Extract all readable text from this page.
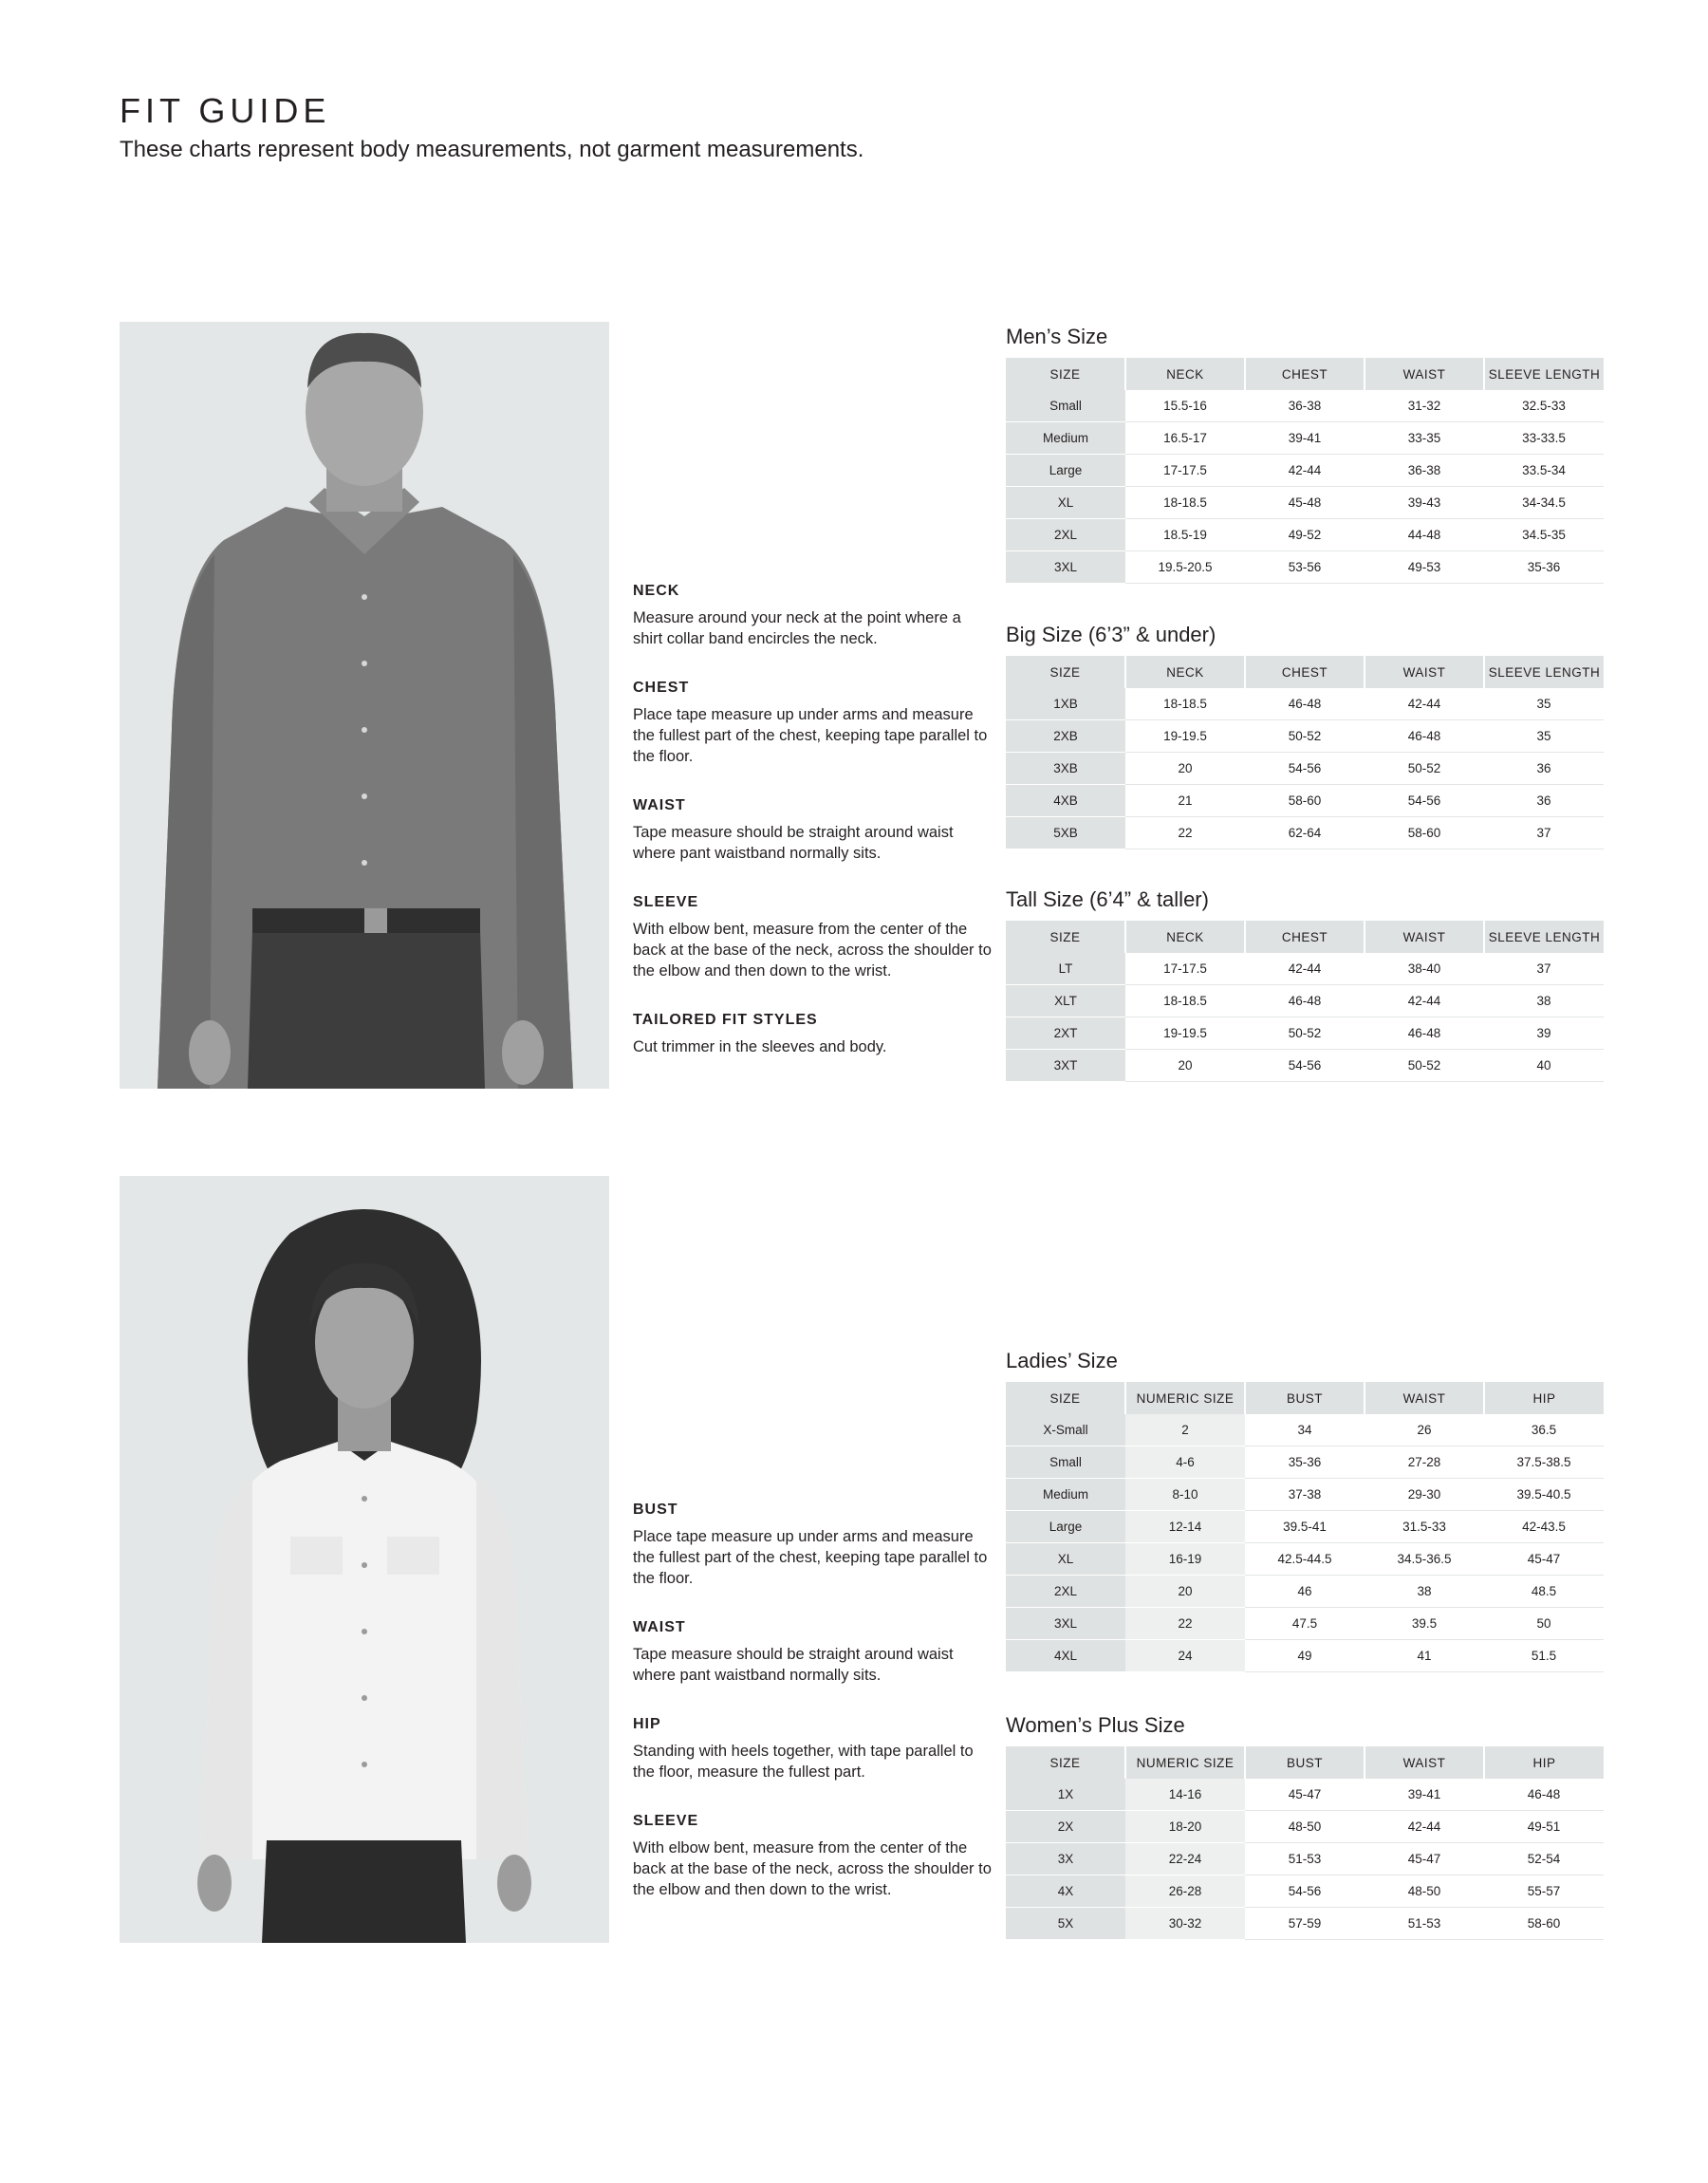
FIT GUIDE

These charts represent body measurements, not garment measurements.

NECK
Measure around your neck at the point where a shirt collar band encircles the neck.
CHEST
Place tape measure up under arms and measure the fullest part of the chest, keeping tape parallel to the floor.
WAIST
Tape measure should be straight around waist where pant waistband normally sits.
SLEEVE
With elbow bent, measure from the center of the back at the base of the neck, across the shoulder to the elbow and then down to the wrist.
TAILORED FIT STYLES
Cut trimmer in the sleeves and body.
Men’s Size
SIZE	NECK	CHEST	WAIST	SLEEVE LENGTH
Small	15.5-16	36-38	31-32	32.5-33
Medium	16.5-17	39-41	33-35	33-33.5
Large	17-17.5	42-44	36-38	33.5-34
XL	18-18.5	45-48	39-43	34-34.5
2XL	18.5-19	49-52	44-48	34.5-35
3XL	19.5-20.5	53-56	49-53	35-36
Big Size (6’3” & under)
SIZE	NECK	CHEST	WAIST	SLEEVE LENGTH
1XB	18-18.5	46-48	42-44	35
2XB	19-19.5	50-52	46-48	35
3XB	20	54-56	50-52	36
4XB	21	58-60	54-56	36
5XB	22	62-64	58-60	37
Tall Size (6’4” & taller)
SIZE	NECK	CHEST	WAIST	SLEEVE LENGTH
LT	17-17.5	42-44	38-40	37
XLT	18-18.5	46-48	42-44	38
2XT	19-19.5	50-52	46-48	39
3XT	20	54-56	50-52	40
BUST
Place tape measure up under arms and measure the fullest part of the chest, keeping tape parallel to the floor.
WAIST
Tape measure should be straight around waist where pant waistband normally sits.
HIP
Standing with heels together, with tape parallel to the floor, measure the fullest part.
SLEEVE
With elbow bent, measure from the center of the back at the base of the neck, across the shoulder to the elbow and then down to the wrist.
Ladies’ Size
SIZE	NUMERIC SIZE	BUST	WAIST	HIP
X-Small	2	34	26	36.5
Small	4-6	35-36	27-28	37.5-38.5
Medium	8-10	37-38	29-30	39.5-40.5
Large	12-14	39.5-41	31.5-33	42-43.5
XL	16-19	42.5-44.5	34.5-36.5	45-47
2XL	20	46	38	48.5
3XL	22	47.5	39.5	50
4XL	24	49	41	51.5
Women’s Plus Size
SIZE	NUMERIC SIZE	BUST	WAIST	HIP
1X	14-16	45-47	39-41	46-48
2X	18-20	48-50	42-44	49-51
3X	22-24	51-53	45-47	52-54
4X	26-28	54-56	48-50	55-57
5X	30-32	57-59	51-53	58-60
